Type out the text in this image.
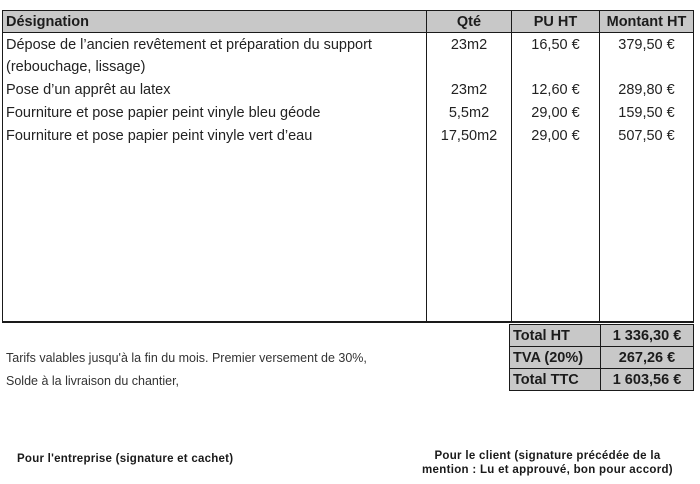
Désignation	Qté	PU HT	Montant HT
Dépose de l’ancien revêtement et préparation du support (rebouchage, lissage)	23m2	16,50 €	379,50 €
Pose d’un apprêt au latex	23m2	12,60 €	289,80 €
Fourniture et pose papier peint vinyle bleu géode	5,5m2	29,00 €	159,50 €
Fourniture et pose papier peint vinyle vert d’eau	17,50m2	29,00 €	507,50 €

Total HT	1 336,30 €
TVA (20%)	267,26 €
Total TTC	1 603,56 €
Tarifs valables jusqu'à la fin du mois. Premier versement de 30%,
Solde à la livraison du chantier,
Pour l'entreprise (signature et cachet)	Pour le client (signature précédée de la
mention : Lu et approuvé, bon pour accord)
